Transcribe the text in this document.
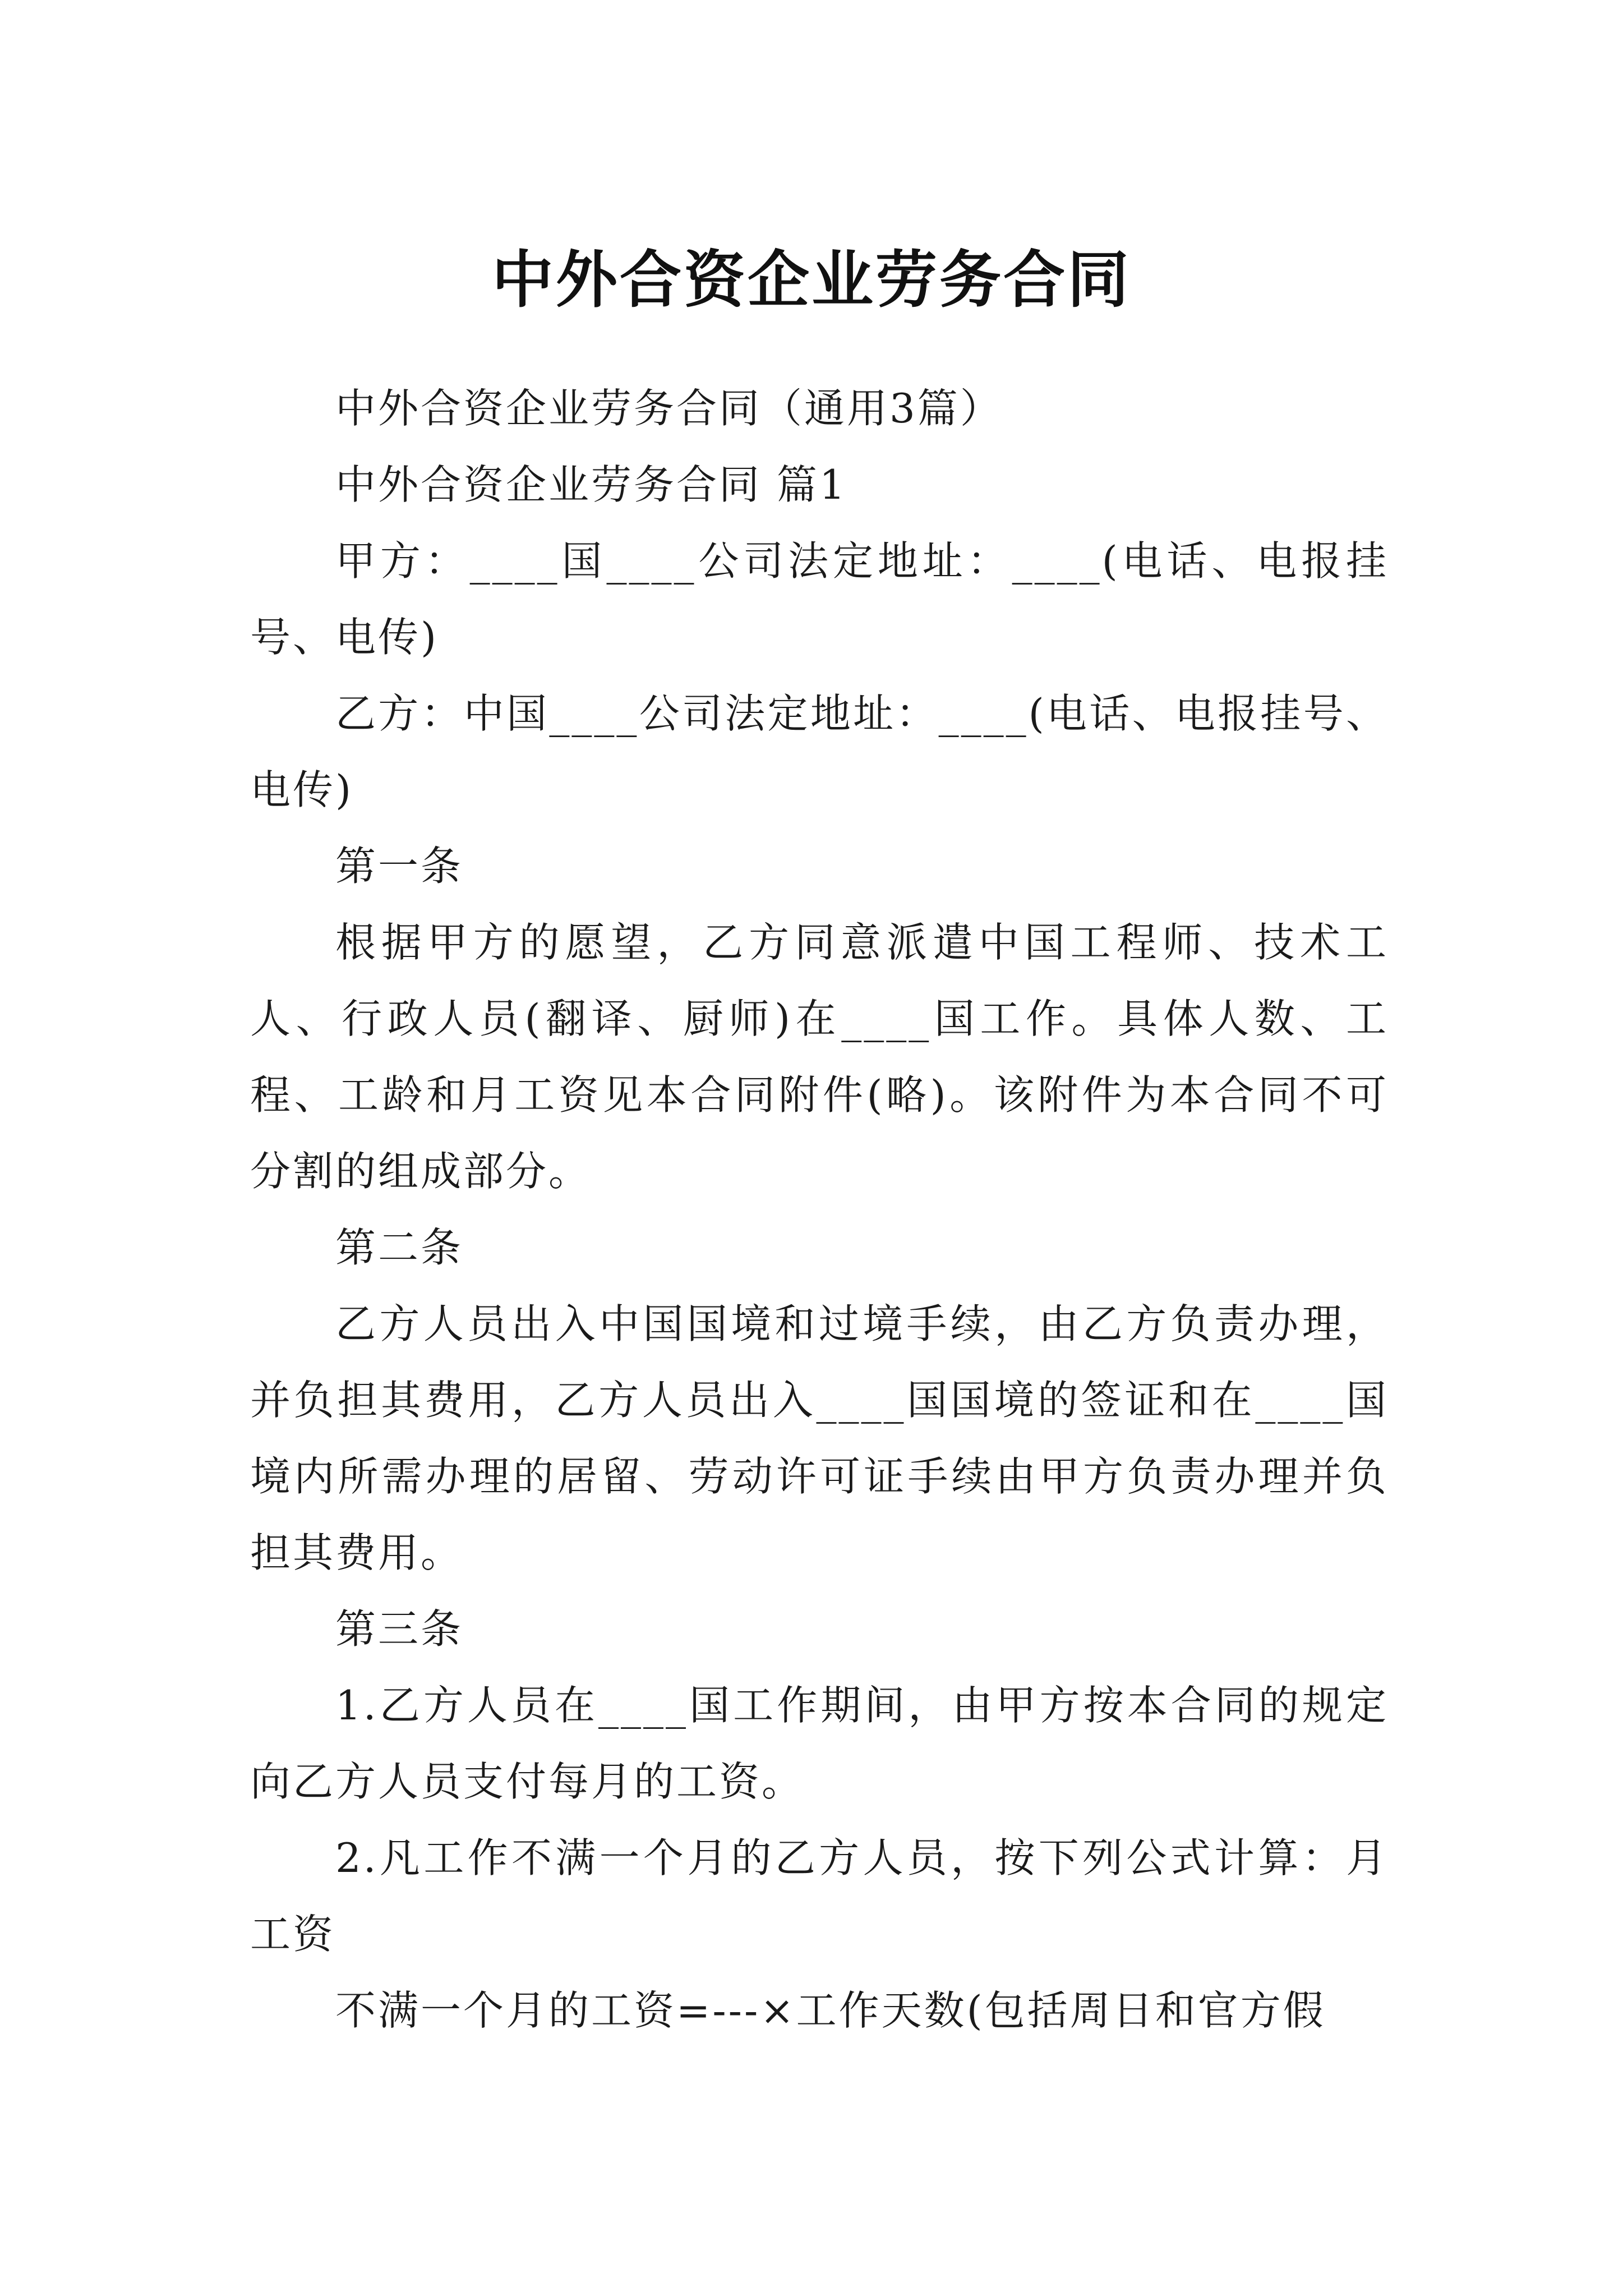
中外合资企业劳务合同

中外合资企业劳务合同（通用3篇）

中外合资企业劳务合同 篇1

甲方：____国____公司法定地址：____(电话、电报挂号、电传)

乙方：中国____公司法定地址：____(电话、电报挂号、电传)

第一条

根据甲方的愿望，乙方同意派遣中国工程师、技术工人、行政人员(翻译、厨师)在____国工作。具体人数、工程、工龄和月工资见本合同附件(略)。该附件为本合同不可分割的组成部分。

第二条

乙方人员出入中国国境和过境手续，由乙方负责办理，并负担其费用，乙方人员出入____国国境的签证和在____国境内所需办理的居留、劳动许可证手续由甲方负责办理并负担其费用。

第三条

1.乙方人员在____国工作期间，由甲方按本合同的规定向乙方人员支付每月的工资。

2.凡工作不满一个月的乙方人员，按下列公式计算：月工资

不满一个月的工资=---×工作天数(包括周日和官方假
